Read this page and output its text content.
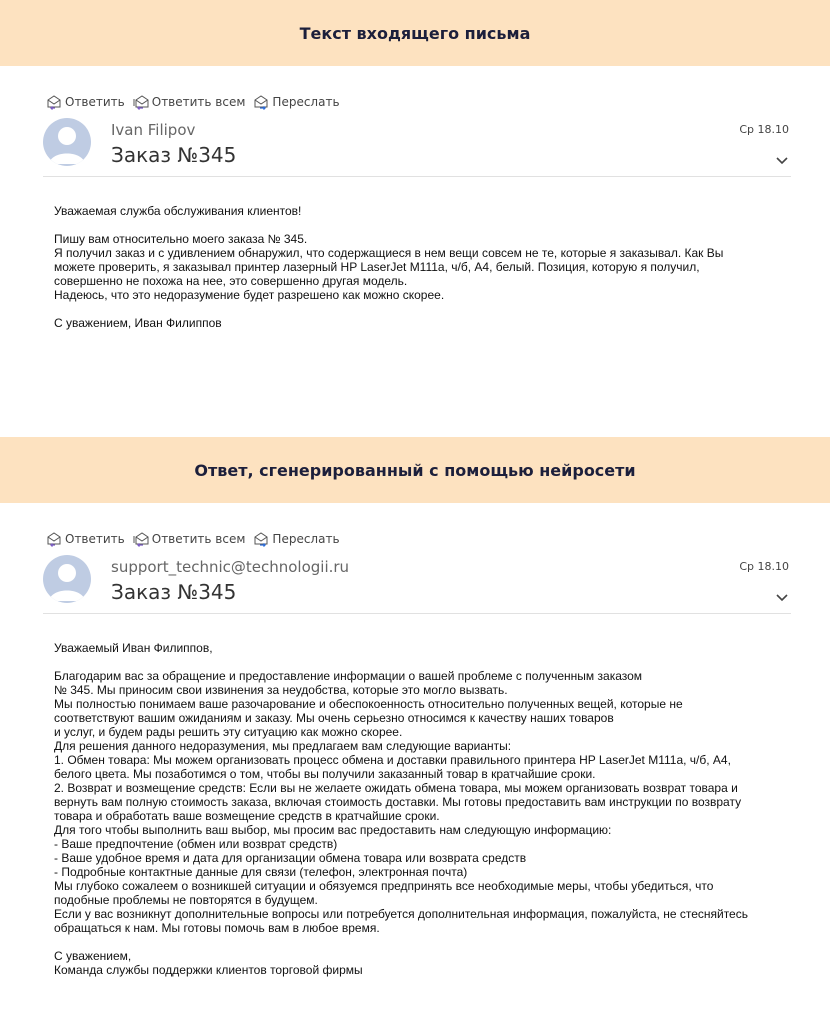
Текст входящего письма
Ответить Ответить всем Переслать
Ivan Filipov
Заказ №345
Ср 18.10
Уважаемая служба обслуживания клиентов!

Пишу вам относительно моего заказа № 345.
Я получил заказ и с удивлением обнаружил, что содержащиеся в нем вещи совсем не те, которые я заказывал. Как Вы
можете проверить, я заказывал принтер лазерный HP LaserJet M111a, ч/б, A4, белый. Позиция, которую я получил,
совершенно не похожа на нее, это совершенно другая модель.
Надеюсь, что это недоразумение будет разрешено как можно скорее.

С уважением, Иван Филиппов
Ответ, сгенерированный с помощью нейросети
Ответить Ответить всем Переслать
support_technic@technologii.ru
Заказ №345
Ср 18.10
Уважаемый Иван Филиппов,

Благодарим вас за обращение и предоставление информации о вашей проблеме с полученным заказом
№ 345. Мы приносим свои извинения за неудобства, которые это могло вызвать.
Мы полностью понимаем ваше разочарование и обеспокоенность относительно полученных вещей, которые не
соответствуют вашим ожиданиям и заказу. Мы очень серьезно относимся к качеству наших товаров
и услуг, и будем рады решить эту ситуацию как можно скорее.
Для решения данного недоразумения, мы предлагаем вам следующие варианты:
1. Обмен товара: Мы можем организовать процесс обмена и доставки правильного принтера HP LaserJet M111a, ч/б, A4,
белого цвета. Мы позаботимся о том, чтобы вы получили заказанный товар в кратчайшие сроки.
2. Возврат и возмещение средств: Если вы не желаете ожидать обмена товара, мы можем организовать возврат товара и
вернуть вам полную стоимость заказа, включая стоимость доставки. Мы готовы предоставить вам инструкции по возврату
товара и обработать ваше возмещение средств в кратчайшие сроки.
Для того чтобы выполнить ваш выбор, мы просим вас предоставить нам следующую информацию:
- Ваше предпочтение (обмен или возврат средств)
- Ваше удобное время и дата для организации обмена товара или возврата средств
- Подробные контактные данные для связи (телефон, электронная почта)
Мы глубоко сожалеем о возникшей ситуации и обязуемся предпринять все необходимые меры, чтобы убедиться, что
подобные проблемы не повторятся в будущем.
Если у вас возникнут дополнительные вопросы или потребуется дополнительная информация, пожалуйста, не стесняйтесь
обращаться к нам. Мы готовы помочь вам в любое время.

С уважением,
Команда службы поддержки клиентов торговой фирмы
